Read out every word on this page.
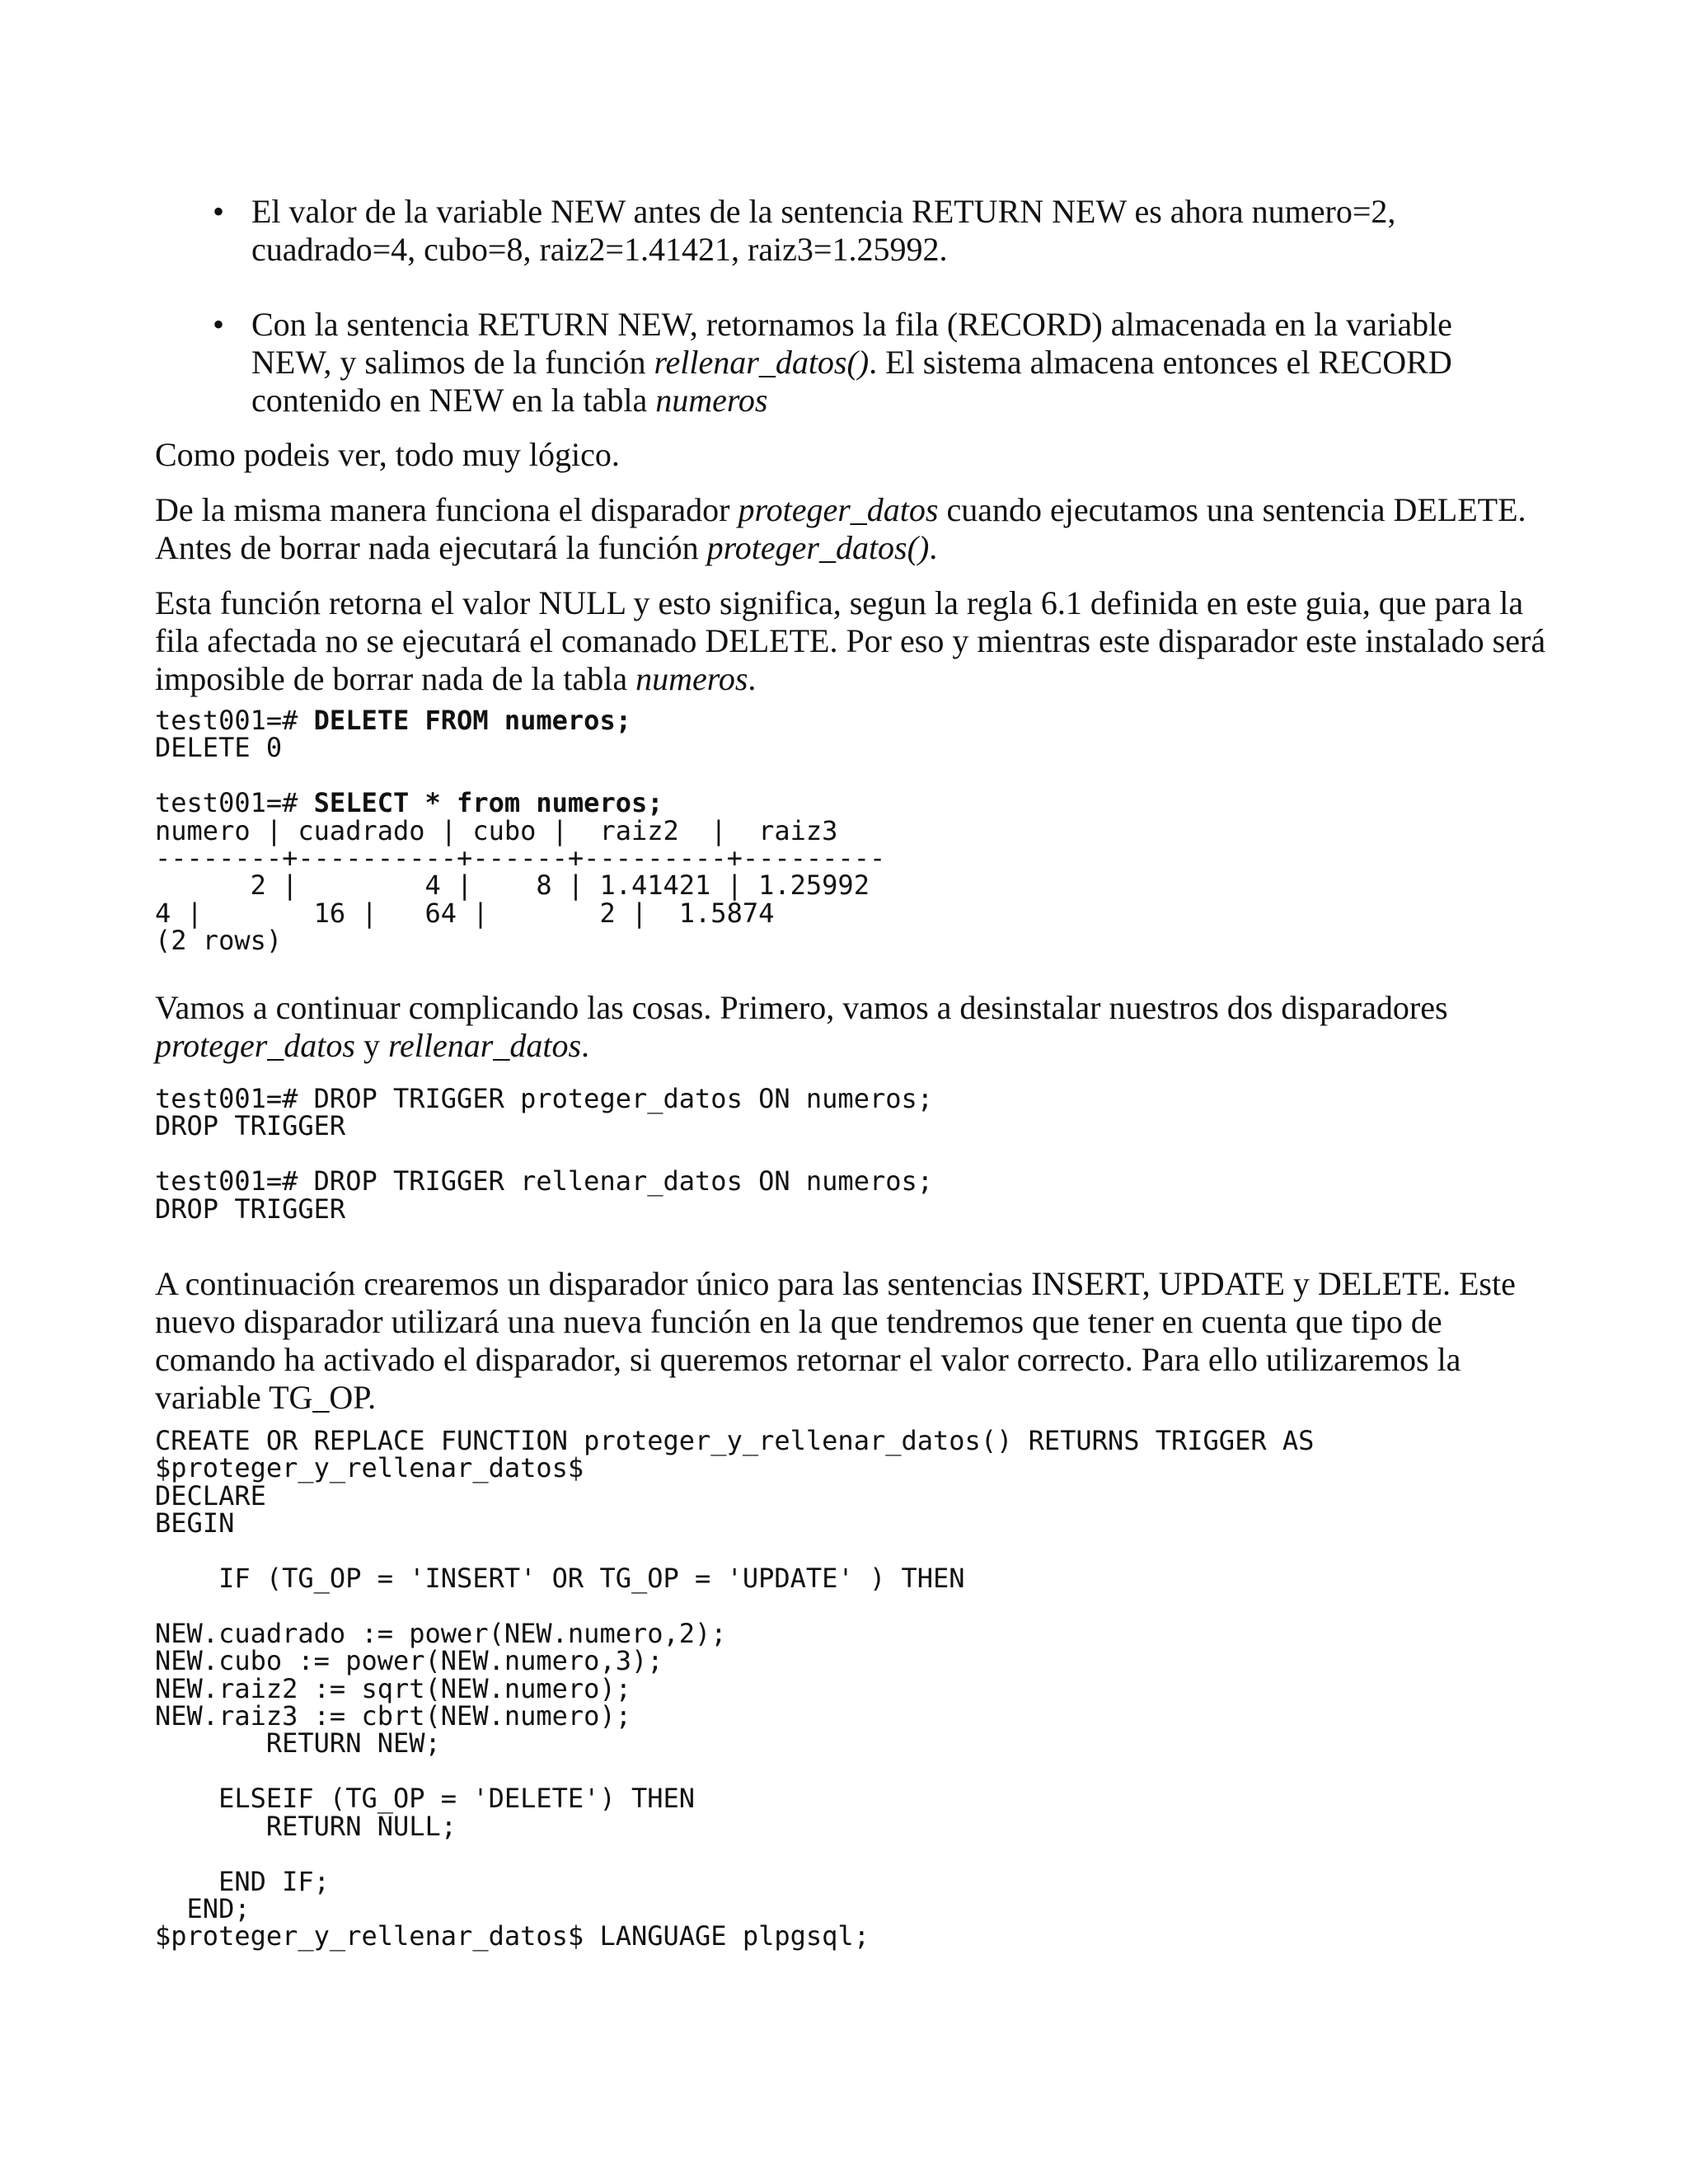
• El valor de la variable NEW antes de la sentencia RETURN NEW es ahora numero=2, cuadrado=4, cubo=8, raiz2=1.41421, raiz3=1.25992.
• Con la sentencia RETURN NEW, retornamos la fila (RECORD) almacenada en la variable NEW, y salimos de la función rellenar_datos(). El sistema almacena entonces el RECORD contenido en NEW en la tabla numeros
Como podeis ver, todo muy lógico.
De la misma manera funciona el disparador proteger_datos cuando ejecutamos una sentencia DELETE. Antes de borrar nada ejecutará la función proteger_datos().
Esta función retorna el valor NULL y esto significa, segun la regla 6.1 definida en este guia, que para la fila afectada no se ejecutará el comanado DELETE. Por eso y mientras este disparador este instalado será imposible de borrar nada de la tabla numeros.
test001=# DELETE FROM numeros;
DELETE 0

test001=# SELECT * from numeros;
numero | cuadrado | cubo |  raiz2  |  raiz3
--------+----------+------+---------+---------
2 |        4 |    8 | 1.41421 | 1.25992
4 |       16 |   64 |       2 |  1.5874
(2 rows)
Vamos a continuar complicando las cosas. Primero, vamos a desinstalar nuestros dos disparadores proteger_datos y rellenar_datos.
test001=# DROP TRIGGER proteger_datos ON numeros;
DROP TRIGGER

test001=# DROP TRIGGER rellenar_datos ON numeros;
DROP TRIGGER
A continuación crearemos un disparador único para las sentencias INSERT, UPDATE y DELETE. Este nuevo disparador utilizará una nueva función en la que tendremos que tener en cuenta que tipo de comando ha activado el disparador, si queremos retornar el valor correcto. Para ello utilizaremos la variable TG_OP.
CREATE OR REPLACE FUNCTION proteger_y_rellenar_datos() RETURNS TRIGGER AS
$proteger_y_rellenar_datos$
DECLARE
BEGIN

IF (TG_OP = 'INSERT' OR TG_OP = 'UPDATE' ) THEN

NEW.cuadrado := power(NEW.numero,2);
NEW.cubo := power(NEW.numero,3);
NEW.raiz2 := sqrt(NEW.numero);
NEW.raiz3 := cbrt(NEW.numero);
RETURN NEW;

ELSEIF (TG_OP = 'DELETE') THEN
RETURN NULL;

END IF;
END;
$proteger_y_rellenar_datos$ LANGUAGE plpgsql;
